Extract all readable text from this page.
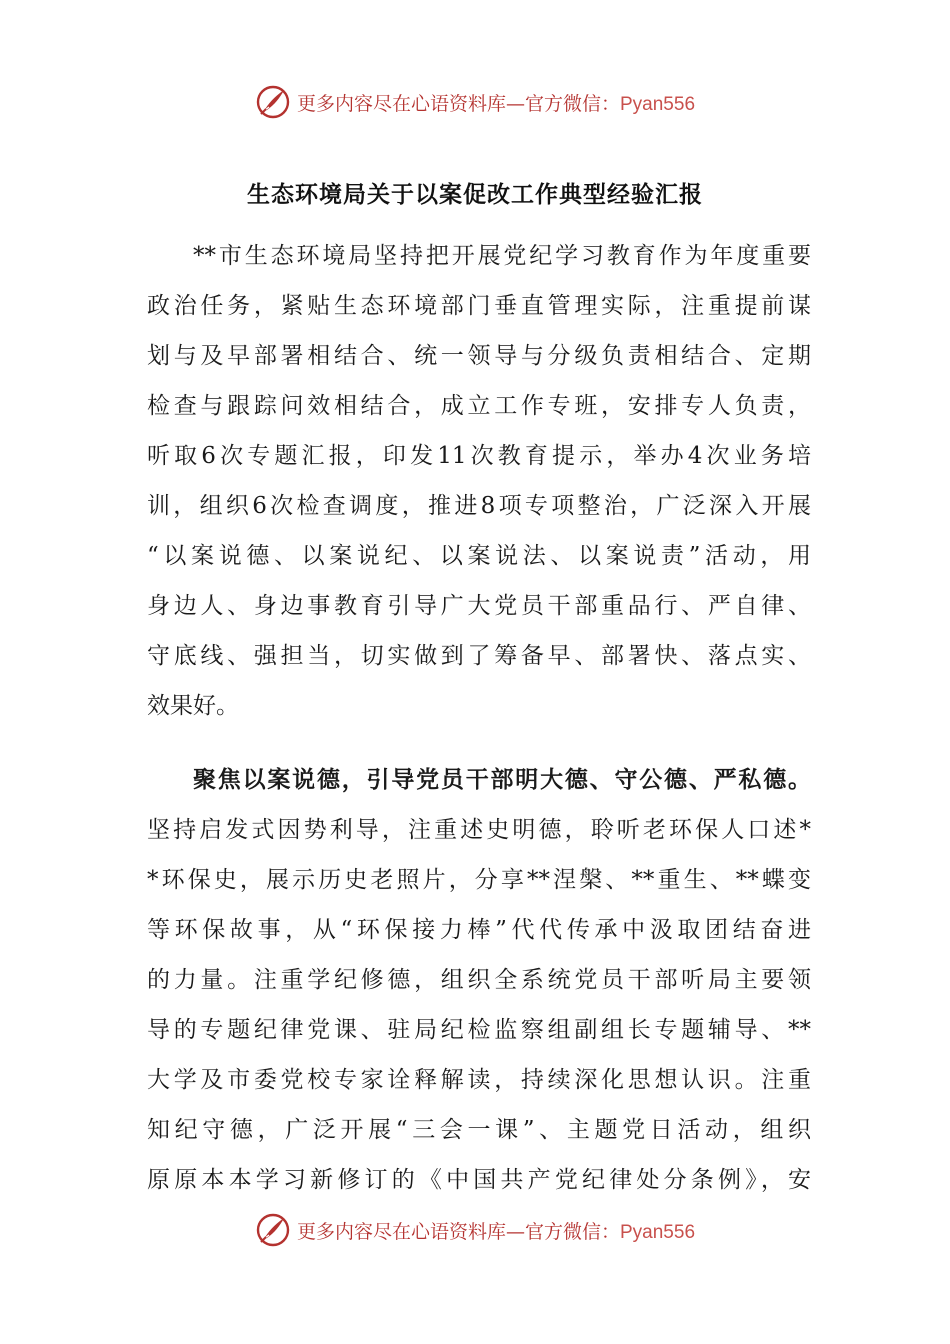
更多内容尽在心语资料库—官方微信：Pyan556
生态环境局关于以案促改工作典型经验汇报
**市生态环境局坚持把开展党纪学习教育作为年度重要
政治任务，紧贴生态环境部门垂直管理实际，注重提前谋
划与及早部署相结合、统一领导与分级负责相结合、定期
检查与跟踪问效相结合，成立工作专班，安排专人负责，
听取6次专题汇报，印发11次教育提示，举办4次业务培
训，组织6次检查调度，推进8项专项整治，广泛深入开展
“以案说德、以案说纪、以案说法、以案说责”活动，用
身边人、身边事教育引导广大党员干部重品行、严自律、
守底线、强担当，切实做到了筹备早、部署快、落点实、
效果好。
聚焦以案说德，引导党员干部明大德、守公德、严私德。
坚持启发式因势利导，注重述史明德，聆听老环保人口述*
*环保史，展示历史老照片，分享**涅槃、**重生、**蝶变
等环保故事，从“环保接力棒”代代传承中汲取团结奋进
的力量。注重学纪修德，组织全系统党员干部听局主要领
导的专题纪律党课、驻局纪检监察组副组长专题辅导、**
大学及市委党校专家诠释解读，持续深化思想认识。注重
知纪守德，广泛开展“三会一课”、主题党日活动，组织
原原本本学习新修订的《中国共产党纪律处分条例》，安
更多内容尽在心语资料库—官方微信：Pyan556
